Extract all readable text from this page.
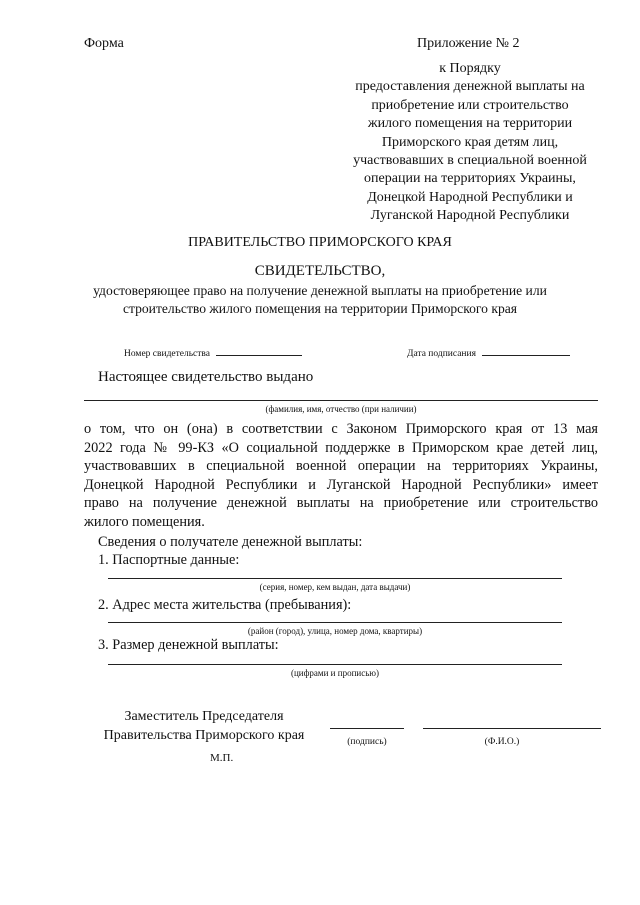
Форма	Приложение № 2
к Порядку
предоставления денежной выплаты на
приобретение или строительство
жилого помещения на территории
Приморского края детям лиц,
участвовавших в специальной военной
операции на территориях Украины,
Донецкой Народной Республики и
Луганской Народной Республики
ПРАВИТЕЛЬСТВО ПРИМОРСКОГО КРАЯ
СВИДЕТЕЛЬСТВО,
удостоверяющее право на получение денежной выплаты на приобретение или
строительство жилого помещения на территории Приморского края
Номер свидетельства	Дата подписания
Настоящее свидетельство выдано
(фамилия, имя, отчество (при наличии)
о том, что он (она) в соответствии с Законом Приморского края от 13 мая
2022 года № 99-КЗ «О социальной поддержке в Приморском крае детей лиц,
участвовавших в специальной военной операции на территориях Украины,
Донецкой Народной Республики и Луганской Народной Республики» имеет
право на получение денежной выплаты на приобретение или строительство
жилого помещения.
Сведения о получателе денежной выплаты:
1. Паспортные данные:
(серия, номер, кем выдан, дата выдачи)
2. Адрес места жительства (пребывания):
(район (город), улица, номер дома, квартиры)
3. Размер денежной выплаты:
(цифрами и прописью)
Заместитель Председателя
Правительства Приморского края	(подпись)	(Ф.И.О.)
М.П.
